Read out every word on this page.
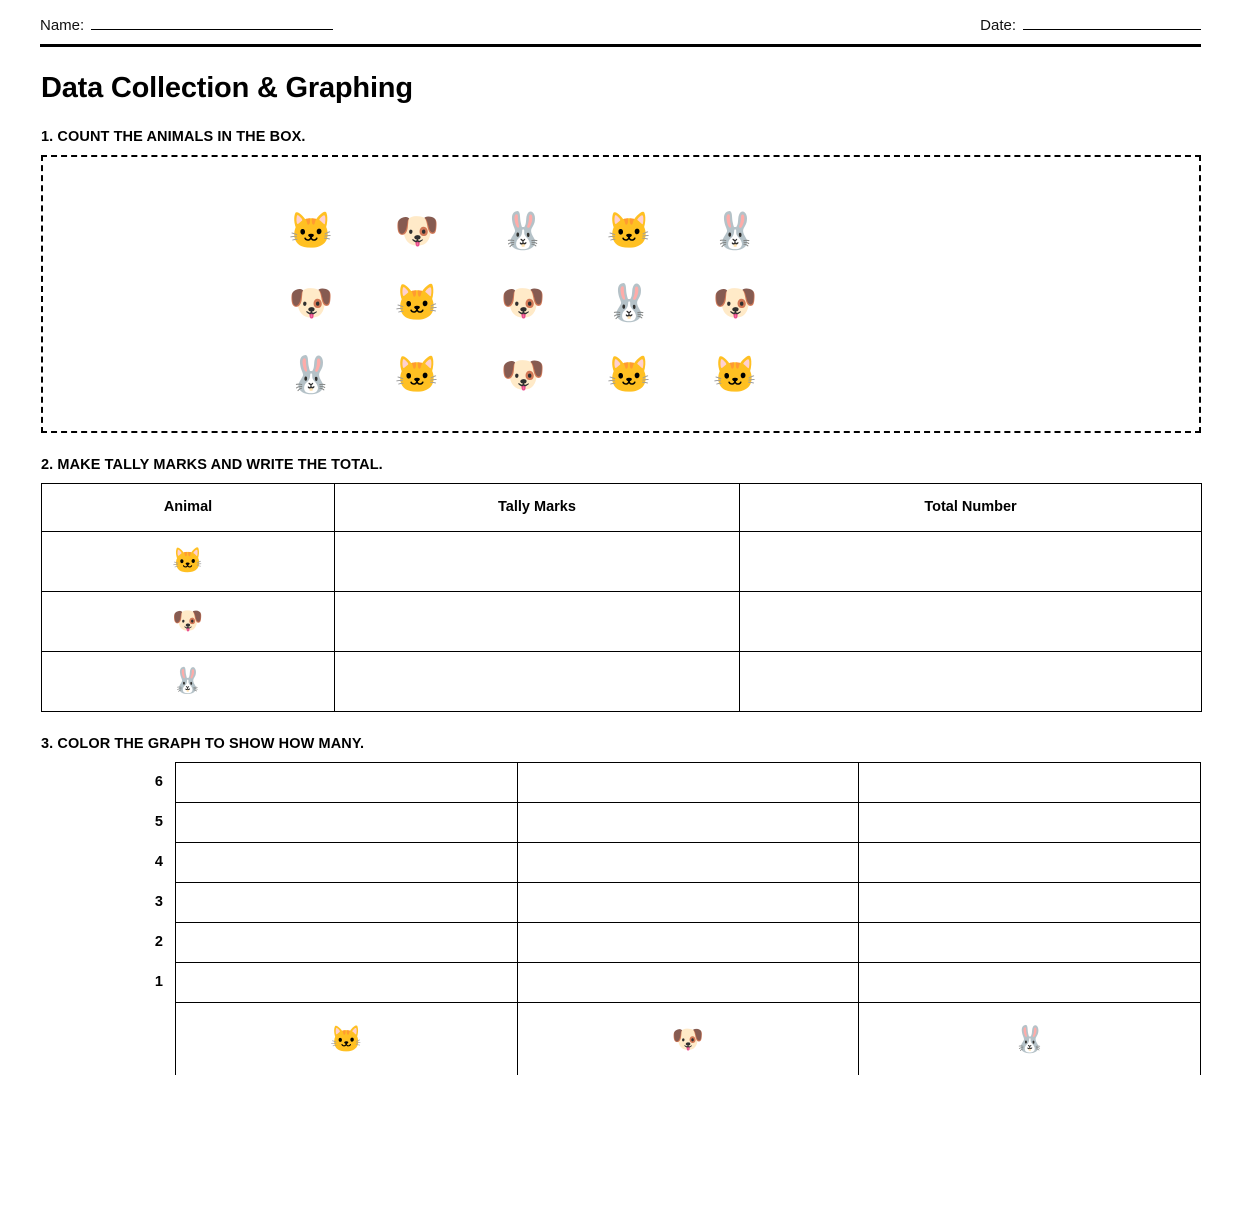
Name:	Date:
Data Collection & Graphing
1. COUNT THE ANIMALS IN THE BOX.
🐱	🐶	🐰	🐱	🐰
🐶	🐱	🐶	🐰	🐶
🐰	🐱	🐶	🐱	🐱
2. MAKE TALLY MARKS AND WRITE THE TOTAL.
Animal	Tally Marks	Total Number
🐱		
🐶		
🐰		
3. COLOR THE GRAPH TO SHOW HOW MANY.
6
5
4
3
2
1
🐱	🐶	🐰
